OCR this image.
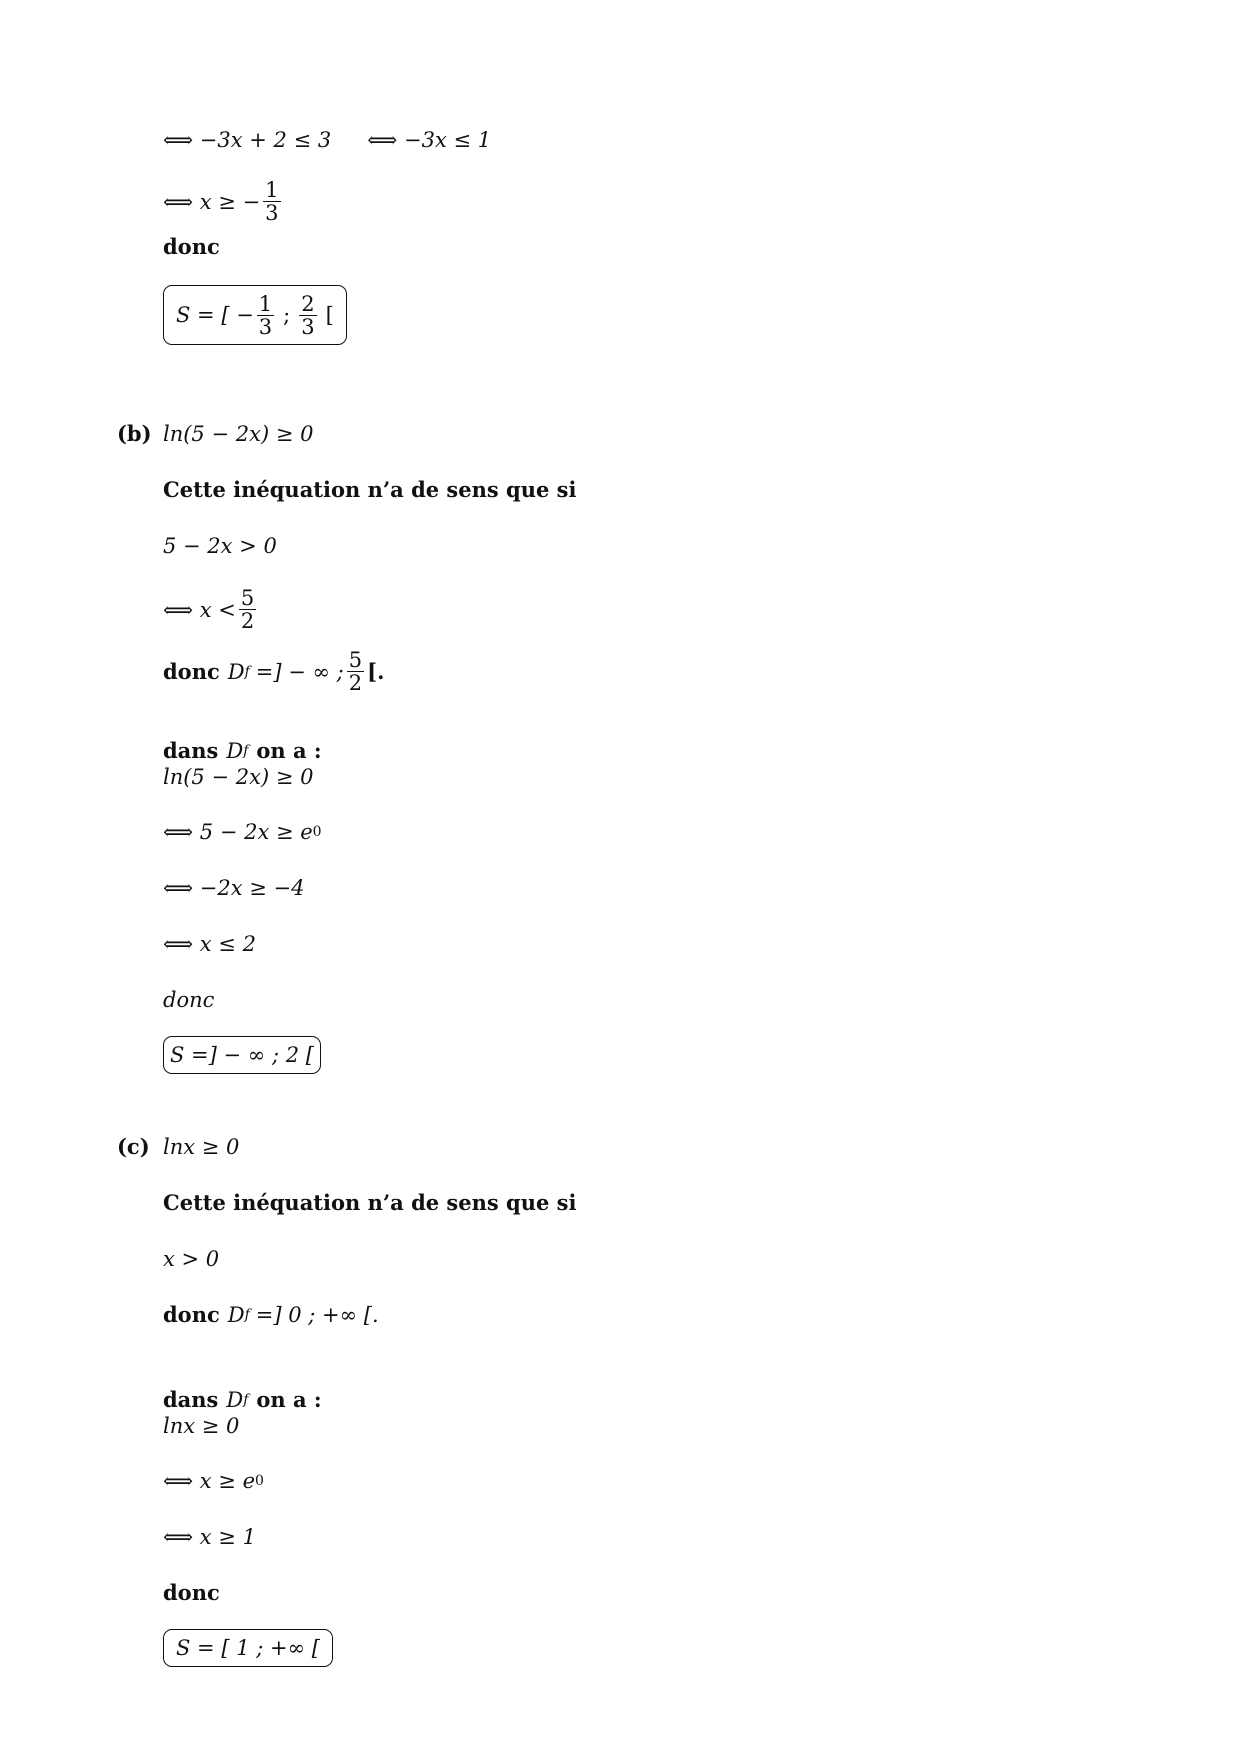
⟺ −3x + 2 ≤ 3 ⟺ −3x ≤ 1
⟺ x ≥ − $\frac{1}{3}$
donc
S = [ − $\frac{1}{3}$ ; $\frac{2}{3}$ [
(b) ln(5 − 2x) ≥ 0
Cette inéquation n’a de sens que si
5 − 2x > 0
⟺ $x < \frac{5}{2}$
donc D f =] − ∞ ; $\frac{5}{2}$ [.
dans D f on a :
ln(5 − 2x) ≥ 0
⟺ 5 − 2x ≥ e 0
⟺ −2x ≥ −4
⟺ x ≤ 2
donc
S =] − ∞ ; 2 [
(c) lnx ≥ 0
Cette inéquation n’a de sens que si
x > 0
donc D f =] 0 ; +∞ [.
dans D f on a :
lnx ≥ 0
⟺ x ≥ e 0
⟺ x ≥ 1
donc
S = [ 1 ; +∞ [
